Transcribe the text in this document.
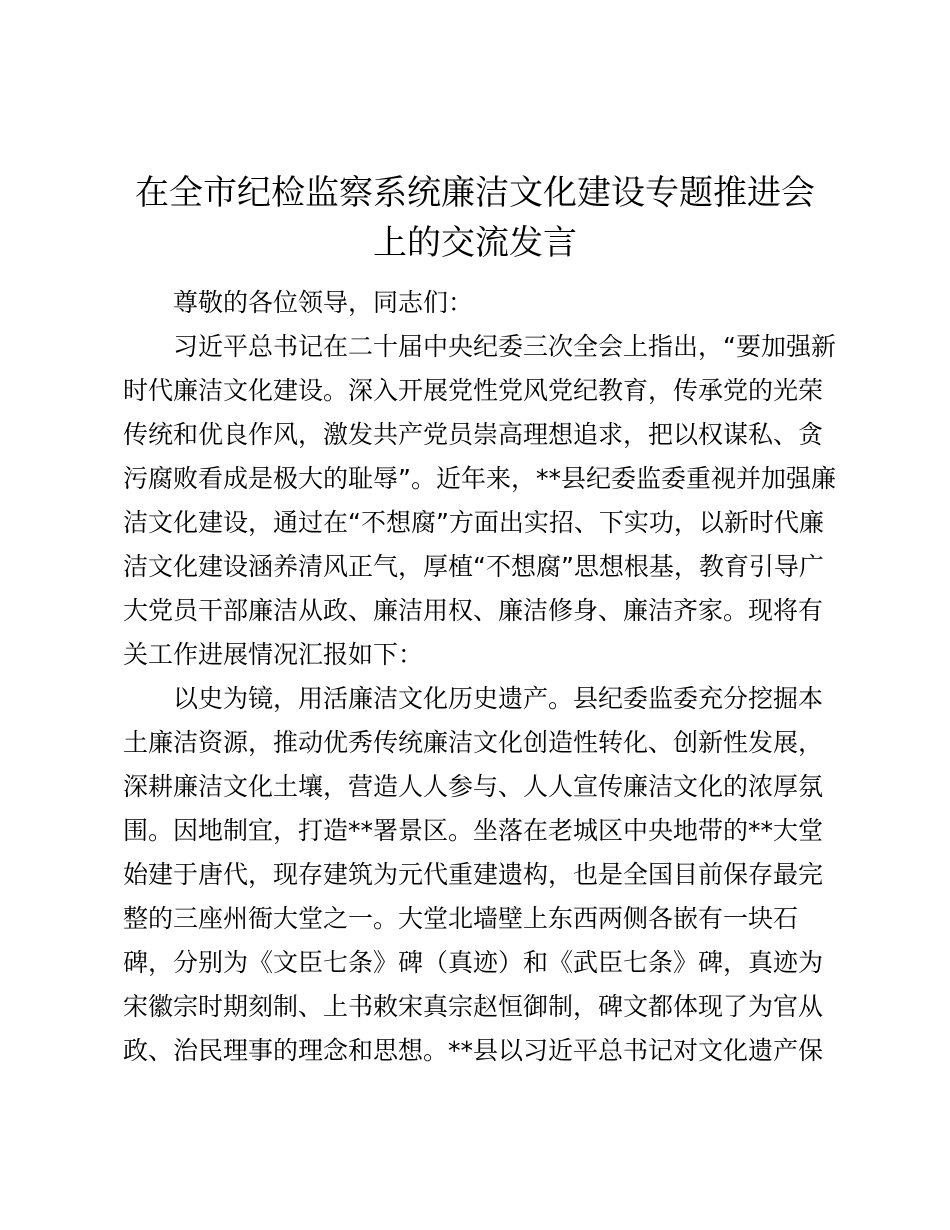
在全市纪检监察系统廉洁文化建设专题推进会
上的交流发言
尊敬的各位领导，同志们：
习近平总书记在二十届中央纪委三次全会上指出，“要加强新
时代廉洁文化建设。深入开展党性党风党纪教育，传承党的光荣
传统和优良作风，激发共产党员崇高理想追求，把以权谋私、贪
污腐败看成是极大的耻辱”。近年来，**县纪委监委重视并加强廉
洁文化建设，通过在“不想腐”方面出实招、下实功，以新时代廉
洁文化建设涵养清风正气，厚植“不想腐”思想根基，教育引导广
大党员干部廉洁从政、廉洁用权、廉洁修身、廉洁齐家。现将有
关工作进展情况汇报如下：
以史为镜，用活廉洁文化历史遗产。县纪委监委充分挖掘本
土廉洁资源，推动优秀传统廉洁文化创造性转化、创新性发展，
深耕廉洁文化土壤，营造人人参与、人人宣传廉洁文化的浓厚氛
围。因地制宜，打造**署景区。坐落在老城区中央地带的**大堂
始建于唐代，现存建筑为元代重建遗构，也是全国目前保存最完
整的三座州衙大堂之一。大堂北墙壁上东西两侧各嵌有一块石
碑，分别为《文臣七条》碑（真迹）和《武臣七条》碑，真迹为
宋徽宗时期刻制、上书敕宋真宗赵恒御制，碑文都体现了为官从
政、治民理事的理念和思想。**县以习近平总书记对文化遗产保
